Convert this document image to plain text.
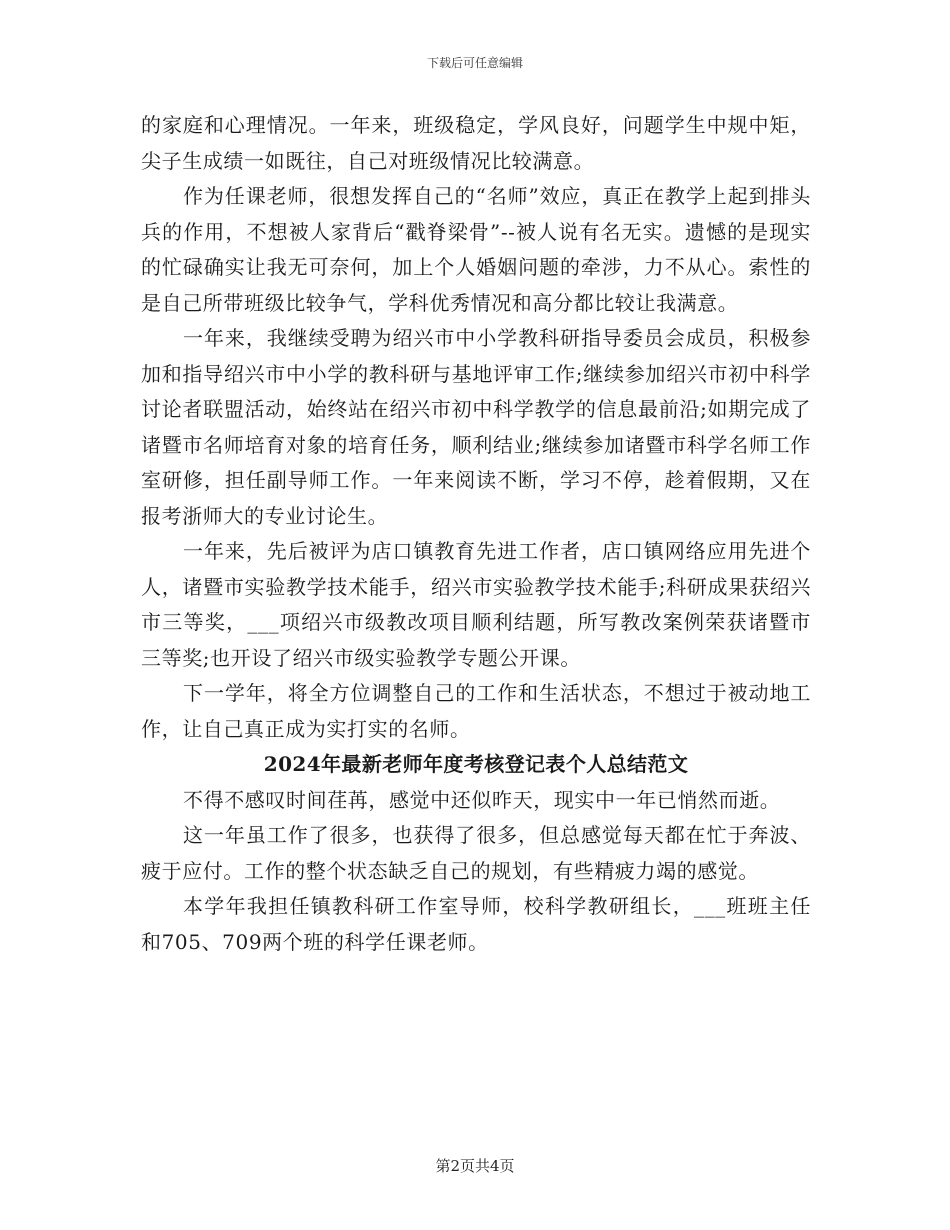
下载后可任意编辑

的家庭和心理情况。一年来，班级稳定，学风良好，问题学生中规中矩，尖子生成绩一如既往，自己对班级情况比较满意。

作为任课老师，很想发挥自己的“名师”效应，真正在教学上起到排头兵的作用，不想被人家背后“戳脊梁骨”--被人说有名无实。遗憾的是现实的忙碌确实让我无可奈何，加上个人婚姻问题的牵涉，力不从心。索性的是自己所带班级比较争气，学科优秀情况和高分都比较让我满意。

一年来，我继续受聘为绍兴市中小学教科研指导委员会成员，积极参加和指导绍兴市中小学的教科研与基地评审工作;继续参加绍兴市初中科学讨论者联盟活动，始终站在绍兴市初中科学教学的信息最前沿;如期完成了诸暨市名师培育对象的培育任务，顺利结业;继续参加诸暨市科学名师工作室研修，担任副导师工作。一年来阅读不断，学习不停，趁着假期，又在报考浙师大的专业讨论生。

一年来，先后被评为店口镇教育先进工作者，店口镇网络应用先进个人，诸暨市实验教学技术能手，绍兴市实验教学技术能手;科研成果获绍兴市三等奖，___项绍兴市级教改项目顺利结题，所写教改案例荣获诸暨市三等奖;也开设了绍兴市级实验教学专题公开课。

下一学年，将全方位调整自己的工作和生活状态，不想过于被动地工作，让自己真正成为实打实的名师。

2024年最新老师年度考核登记表个人总结范文

不得不感叹时间荏苒，感觉中还似昨天，现实中一年已悄然而逝。

这一年虽工作了很多，也获得了很多，但总感觉每天都在忙于奔波、疲于应付。工作的整个状态缺乏自己的规划，有些精疲力竭的感觉。

本学年我担任镇教科研工作室导师，校科学教研组长，___班班主任和705、709两个班的科学任课老师。

第2页共4页
